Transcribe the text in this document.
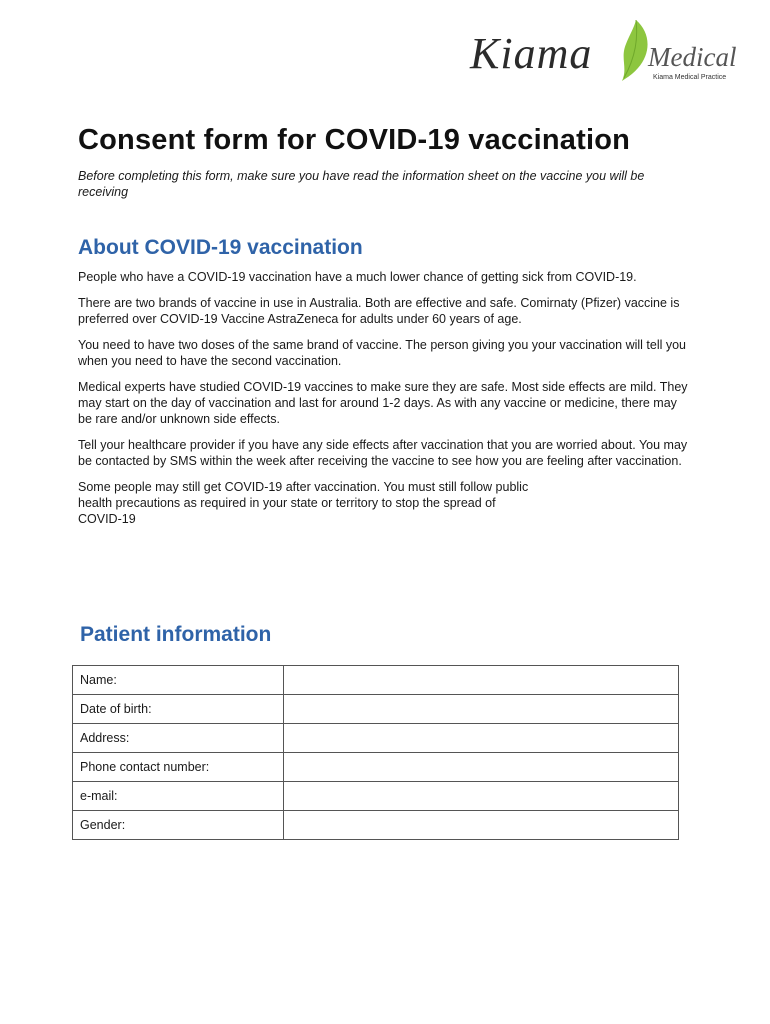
Kiama Medical
Kiama Medical Practice
Consent form for COVID-19 vaccination

Before completing this form, make sure you have read the information sheet on the vaccine you will be receiving

About COVID-19 vaccination

People who have a COVID-19 vaccination have a much lower chance of getting sick from COVID-19.

There are two brands of vaccine in use in Australia. Both are effective and safe. Comirnaty (Pfizer) vaccine is preferred over COVID-19 Vaccine AstraZeneca for adults under 60 years of age.

You need to have two doses of the same brand of vaccine. The person giving you your vaccination will tell you when you need to have the second vaccination.

Medical experts have studied COVID-19 vaccines to make sure they are safe. Most side effects are mild. They may start on the day of vaccination and last for around 1-2 days. As with any vaccine or medicine, there may be rare and/or unknown side effects.

Tell your healthcare provider if you have any side effects after vaccination that you are worried about. You may be contacted by SMS within the week after receiving the vaccine to see how you are feeling after vaccination.

Some people may still get COVID-19 after vaccination. You must still follow public health precautions as required in your state or territory to stop the spread of COVID-19

Patient information
Name:	
Date of birth:	
Address:	
Phone contact number:	
e-mail:	
Gender:	
